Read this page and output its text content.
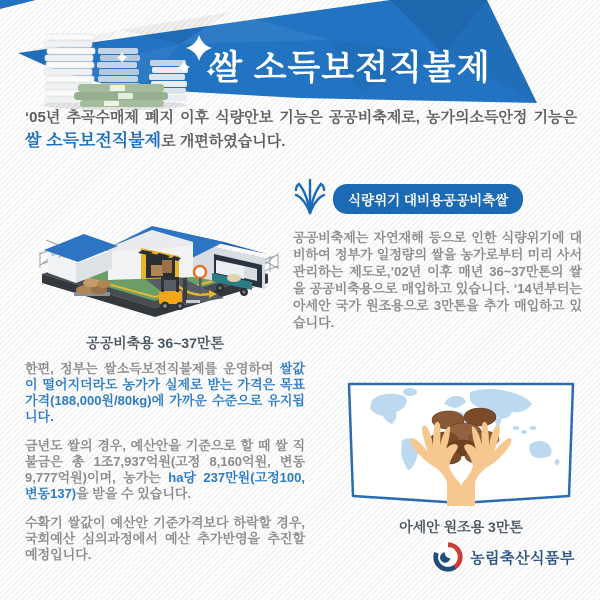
쌀 소득보전직불제
‘05년 추곡수매제 폐지 이후 식량안보 기능은 공공비축제로, 농가의소득안정 기능은 쌀 소득보전직불제로 개편하였습니다.
공공비축용 36~37만톤
식량위기 대비용공공비축쌀

공공비축제는 자연재해 등으로 인한 식량위기에 대비하여 정부가 일정량의 쌀을 농가로부터 미리 사서 관리하는 제도로,’02년 이후 매년 36~37만톤의 쌀을 공공비축용으로 매입하고 있습니다. ‘14년부터는 아세안 국가 원조용으로 3만톤을 추가 매입하고 있습니다.

한편, 정부는 쌀소득보전직불제를 운영하여 쌀값이 떨어지더라도 농가가 실제로 받는 가격은 목표가격(188,000원/80kg)에 가까운 수준으로 유지됩니다.

금년도 쌀의 경우, 예산안을 기준으로 할 때 쌀 직불금은 총 1조7,937억원(고정 8,160억원, 변동 9,777억원)이며, 농가는 ha당 237만원(고정100, 변동137)을 받을 수 있습니다.

수확기 쌀값이 예산안 기준가격보다 하락할 경우, 국회예산 심의과정에서 예산 추가반영을 추진할 예정입니다.

아세안 원조용 3만톤
농림축산식품부
